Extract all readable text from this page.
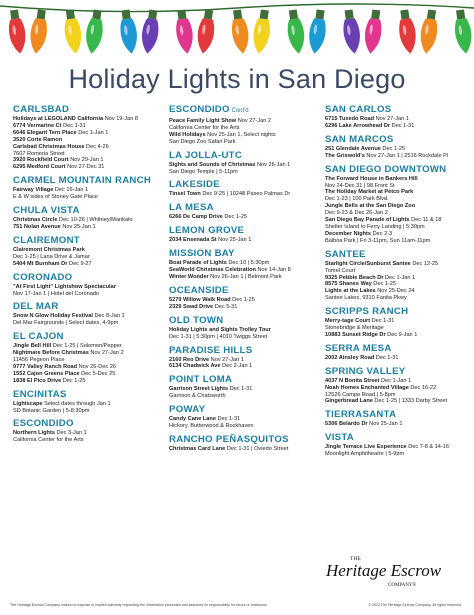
Holiday Lights in San Diego
CARLSBAD
Holidays at LEGOLAND California Nov 19-Jan 8
6774 Vermarine Ct Dec 1-31
6646 Elegant Tern Place Dec 1-Jan 1
3520 Corte Ramon
Carlsbad Christmas House Dec 4-26
7607 Romeria Street
3920 Rockfield Court Nov 29-Jan 1
6295 Medford Court Nov 27-Dec 31
CARMEL MOUNTAIN RANCH
Fairway Village Dec 16-Jan 1
E & W sides of Stoney Gate Place
CHULA VISTA
Christmas Circle Dec 10-26 | Whitney/Mankato
751 Nolan Avenue Nov 25-Jan 1
CLAIREMONT
Clairemont Christmas Park
Dec 1-25 | Lana Drive & Jamar
5404 Mt Burnham Dr Dec 9-27
CORONADO
"At First Light" Lightshow Spectacular
Nov 17-Jan 1 | Hotel del Coronado
DEL MAR
Snow N Glow Holiday Festival Dec 8-Jan 1
Del Mar Fairgrounds | Select dates, 4-9pm
EL CAJON
Jingle Bell Hill Dec 1-25 | Solomon/Pepper
Nightmare Before Christmas Nov 27-Jan 2
11456 Pegeon Place
9777 Valley Ranch Road Nov 26-Dec 26
1552 Cajon Greens Place Dec 5-Dec 25
1838 El Pico Drive Dec 1-25
ENCINITAS
Lightscape Select dates through Jan 1
SD Botanic Garden | 5-8:30pm
ESCONDIDO
Northern Lights Dec 3-Jan 1
California Center for the Arts
ESCONDIDO Cont'd
Peace Family Light Show Nov 27-Jan 2
California Center for the Arts
Wild Holidays Nov 25-Jan 1, Select nights
San Diego Zoo Safari Park
LA JOLLA-UTC
Sights and Sounds of Christmas Nov 26-Jan 1
San Diego Temple | 5-11pm
LAKESIDE
Tinsel Town Dec 9-25 | 10248 Paseo Palmas Dr
LA MESA
6266 De Camp Drive Dec 1-25
LEMON GROVE
2034 Ensenada St Nov 25-Jan 1
MISSION BAY
Boat Parade of Lights Dec 10 | 5:30pm
SeaWorld Christmas Celebration Nov 14-Jan 8
Winter Wonder Nov 26-Jan 1 | Belmont Park
OCEANSIDE
5279 Willow Walk Road Dec 1-25
2329 Swad Drive Dec 5-31
OLD TOWN
Holiday Lights and Sights Trolley Tour
Dec 1-31 | 5:30pm | 4010 Twiggs Street
PARADISE HILLS
2160 Reo Drive Nov 27-Jan 1
6134 Chadwick Ave Dec 2-Jan 1
POINT LOMA
Garrison Street Lights Dec 1-31
Garrison & Chatsworth
POWAY
Candy Cane Lane Dec 1-31
Hickory, Butterwood & Rockhaven
RANCHO PEÑASQUITOS
Christmas Card Lane Dec 1-31 | Oviedo Street
SAN CARLOS
6715 Tuxedo Road Nov 27-Jan 1
6296 Lake Arrowhead Dr Dec 1-31
SAN MARCOS
251 Glendale Avenue Dec 1-25
The Griswold's Nov 27-Jan 1 | 2516 Rockdale Pl
SAN DIEGO DOWNTOWN
The Forward House in Bankers Hill
Nov 24-Dec 31 | 98 Front St
The Holiday Market at Petco Park
Dec 1-23 | 100 Park Blvd.
Jungle Bells at the San Diego Zoo
Dec 9-23 & Dec 26-Jan 2
San Diego Bay Parade of Lights Dec 11 & 18
Shelter Island to Ferry Landing | 5:30pm
December Nights Dec 2-3
Balboa Park | Fri 3-11pm, Sun 11am-11pm
SANTEE
Starlight Circle/Sunburst Santee Dec 12-25
Tomel Court
9325 Pebble Beach Dr Dec 1-Jan 1
8575 Shanes Way Dec 1-25
Lights at the Lakes Nov 25-Dec 24
Santee Lakes, 9310 Fanita Pkwy
SCRIPPS RANCH
Merry-tage Court Dec 1-31
Stonebridge & Meritage
10883 Sunset Ridge Dr Dec 9-Jan 1
SERRA MESA
2002 Ainsley Road Dec 1-31
SPRING VALLEY
4037 N Bonita Street Dec 1-Jan 1
Noah Homes Enchanted Village Dec 16-22
12526 Campo Road | 5-8pm
Gingerbread Lane Dec 1-25 | 1333 Darby Street
TIERRASANTA
5306 Belardo Dr Nov 25-Jan 1
VISTA
Jingle Terrace Live Experience Dec 7-8 & 14-16
Moonlight Amphitheatre | 5-9pm
THE
Heritage Escrow
COMPANY®
The Heritage Escrow Company makes no express or implied warranty respecting the information presented and assumes no responsibility for errors or omissions.	© 2022 The Heritage Escrow Company. All rights reserved.
